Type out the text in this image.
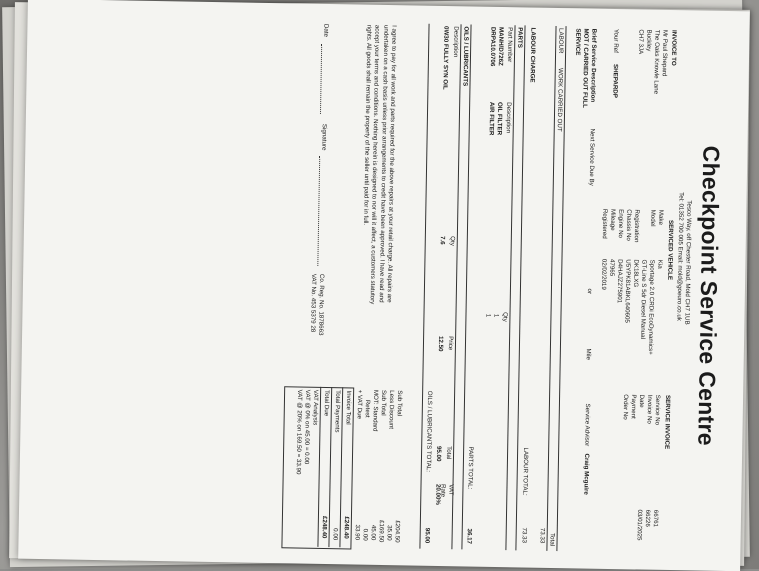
Checkpoint Service Centre
Tesco Way, off Chester Road, Mold CH7 1UB
Tel: 01352 700 005 Email: mold@goeuro.co.uk
INVOICE TO
Mr Paul Shepard
The Oaks Knowle Lane
Buckley
CH7 3JA
Your Ref
SHEPARDP
SERVICED VEHICLE
Make
Kia
Model
Sportage 2.0 CRDi EcoDynamics+
GT-Line S 5dr Diesel Manual
Registration
DK18LXG
Chassis No
U5YPK81ABKL640605
Engine No
D4HAJZ275901
Mileage
47965
Registered
02/02/2019
SERVICE INVOICE
Service No
66761
Invoice No
66226
Date
03/01/2025
Payment
Order No
Brief Service Description
MOT / CARRIED OUT FULL SERVICE
Next Service Due By
or
Mile
Service Advisor
Craig Mcguire
LABOUR
WORK CARRIED OUT
Total
73.33
LABOUR CHARGE
LABOUR TOTAL:
73.33
PARTS
Part Number
Description
Qty
MANH/D726Z
OIL FILTER
1
DRPA10.0706
AIR FILTER
1
PARTS TOTAL:
36.17
OILS / LUBRICANTS
Description
Qty
Price
Total
VAT Rate
0W30 FULLY SYN OIL
7.6
12.50
95.00
20.00%
OILS / LUBRICANTS TOTAL:
95.00
I agree to pay for all work and parts required for the above repairs at your retail charge. All repairs are undertaken on a cash basis unless prior arrangements to credit have been approved. I have read and accept your terms and conditions. Nothing herein is designed to nor will it affect, a customers statutory rights. All goods shall remain the property of the seller until paid for in full.
Date
Signature
Co. Reg. No. 1878663
VAT No. 453 5379 28
Sub Total
£204.50
Less Discount
35.00
Sub Total
£169.50
MOT: Standard
45.00
Retest
0.00
+ VAT Due
33.90
Invoice Total
£248.40
Total Payments
0.00
Total Due
£248.40
VAT Analysis
VAT @ 0% on 45.00 = 0.00
VAT @ 20% on 169.50 = 33.90
